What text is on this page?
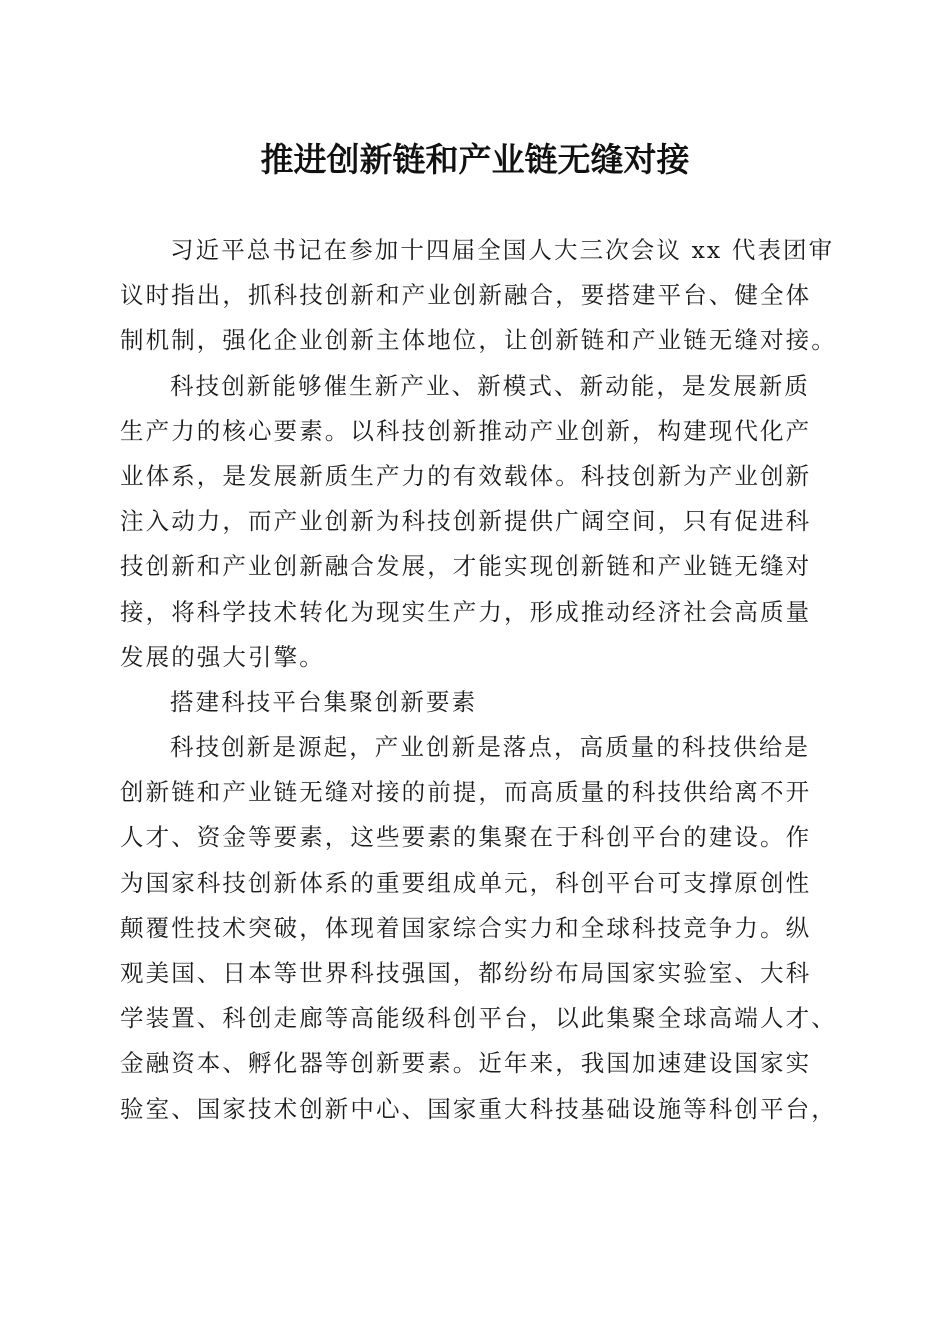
推进创新链和产业链无缝对接
习近平总书记在参加十四届全国人大三次会议 xx 代表团审
议时指出，抓科技创新和产业创新融合，要搭建平台、健全体
制机制，强化企业创新主体地位，让创新链和产业链无缝对接。
科技创新能够催生新产业、新模式、新动能，是发展新质
生产力的核心要素。以科技创新推动产业创新，构建现代化产
业体系，是发展新质生产力的有效载体。科技创新为产业创新
注入动力，而产业创新为科技创新提供广阔空间，只有促进科
技创新和产业创新融合发展，才能实现创新链和产业链无缝对
接，将科学技术转化为现实生产力，形成推动经济社会高质量
发展的强大引擎。
搭建科技平台集聚创新要素
科技创新是源起，产业创新是落点，高质量的科技供给是
创新链和产业链无缝对接的前提，而高质量的科技供给离不开
人才、资金等要素，这些要素的集聚在于科创平台的建设。作
为国家科技创新体系的重要组成单元，科创平台可支撑原创性
颠覆性技术突破，体现着国家综合实力和全球科技竞争力。纵
观美国、日本等世界科技强国，都纷纷布局国家实验室、大科
学装置、科创走廊等高能级科创平台，以此集聚全球高端人才、
金融资本、孵化器等创新要素。近年来，我国加速建设国家实
验室、国家技术创新中心、国家重大科技基础设施等科创平台，
